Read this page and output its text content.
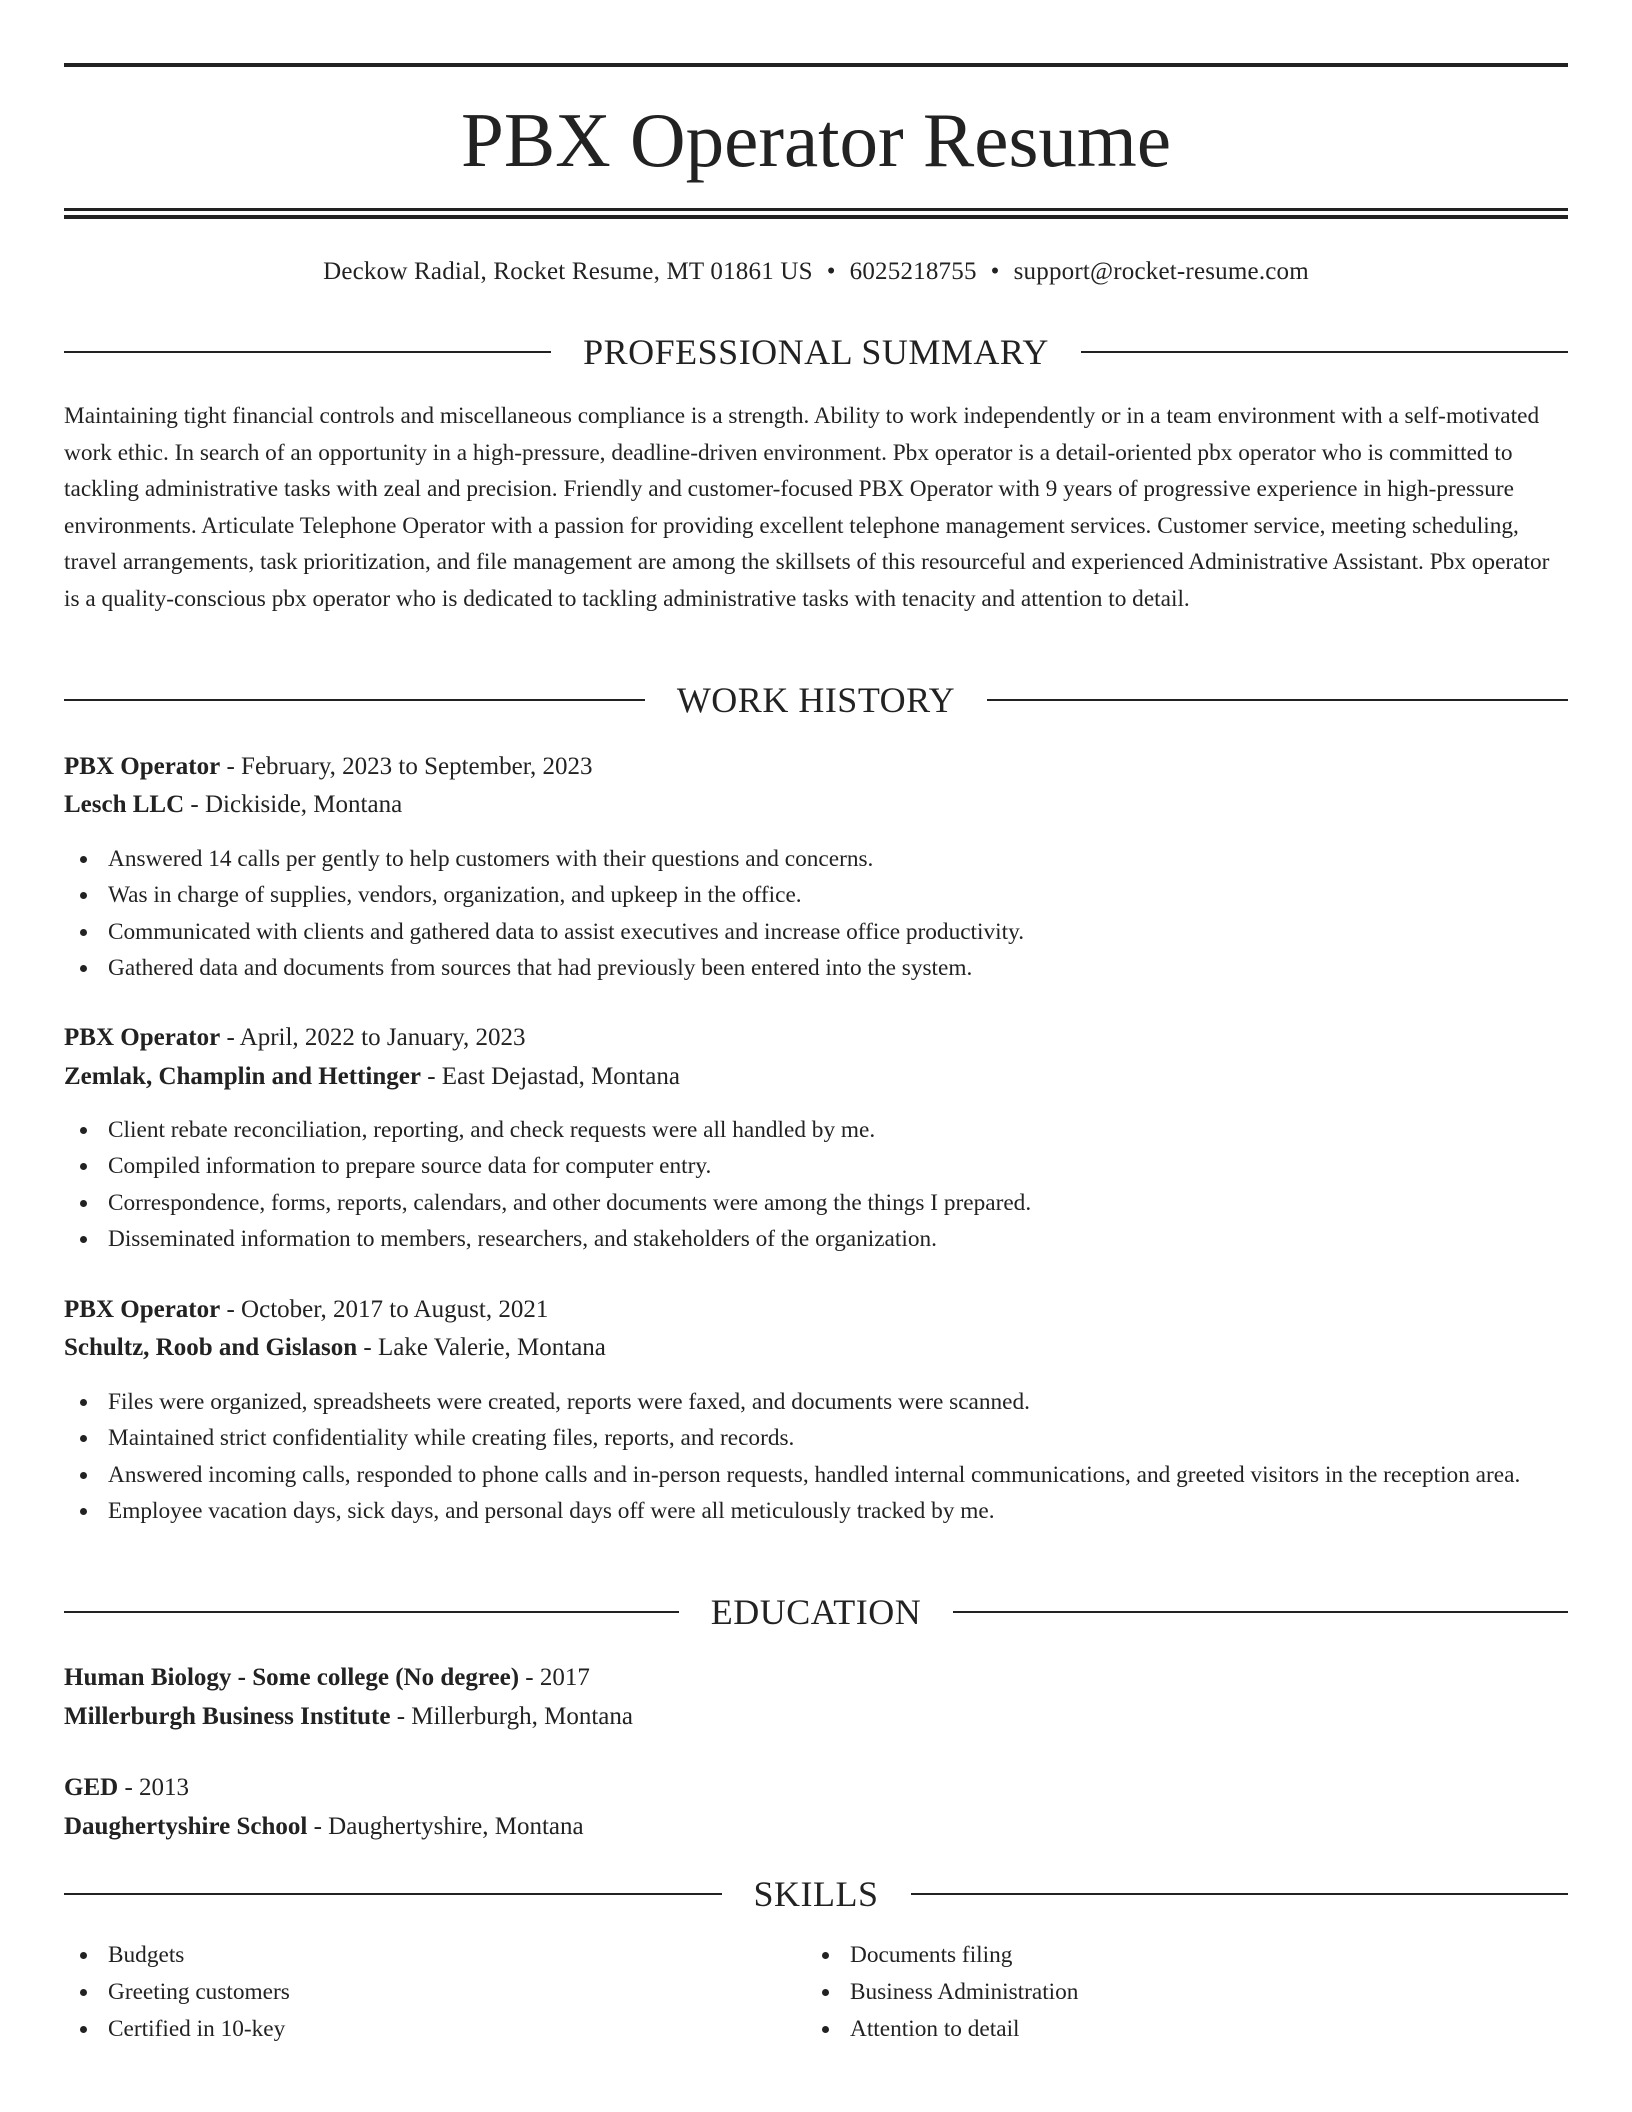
PBX Operator Resume
Deckow Radial, Rocket Resume, MT 01861 US • 6025218755 • support@rocket-resume.com
PROFESSIONAL SUMMARY

Maintaining tight financial controls and miscellaneous compliance is a strength. Ability to work independently or in a team environment with a self-motivated work ethic. In search of an opportunity in a high-pressure, deadline-driven environment. Pbx operator is a detail-oriented pbx operator who is committed to tackling administrative tasks with zeal and precision. Friendly and customer-focused PBX Operator with 9 years of progressive experience in high-pressure environments. Articulate Telephone Operator with a passion for providing excellent telephone management services. Customer service, meeting scheduling, travel arrangements, task prioritization, and file management are among the skillsets of this resourceful and experienced Administrative Assistant. Pbx operator is a quality-conscious pbx operator who is dedicated to tackling administrative tasks with tenacity and attention to detail.

WORK HISTORY
PBX Operator - February, 2023 to September, 2023
Lesch LLC - Dickiside, Montana
Answered 14 calls per gently to help customers with their questions and concerns.
Was in charge of supplies, vendors, organization, and upkeep in the office.
Communicated with clients and gathered data to assist executives and increase office productivity.
Gathered data and documents from sources that had previously been entered into the system.
PBX Operator - April, 2022 to January, 2023
Zemlak, Champlin and Hettinger - East Dejastad, Montana
Client rebate reconciliation, reporting, and check requests were all handled by me.
Compiled information to prepare source data for computer entry.
Correspondence, forms, reports, calendars, and other documents were among the things I prepared.
Disseminated information to members, researchers, and stakeholders of the organization.
PBX Operator - October, 2017 to August, 2021
Schultz, Roob and Gislason - Lake Valerie, Montana
Files were organized, spreadsheets were created, reports were faxed, and documents were scanned.
Maintained strict confidentiality while creating files, reports, and records.
Answered incoming calls, responded to phone calls and in-person requests, handled internal communications, and greeted visitors in the reception area.
Employee vacation days, sick days, and personal days off were all meticulously tracked by me.
EDUCATION
Human Biology - Some college (No degree) - 2017
Millerburgh Business Institute - Millerburgh, Montana
GED - 2013
Daughertyshire School - Daughertyshire, Montana
SKILLS
Budgets
Greeting customers
Certified in 10-key
Documents filing
Business Administration
Attention to detail
